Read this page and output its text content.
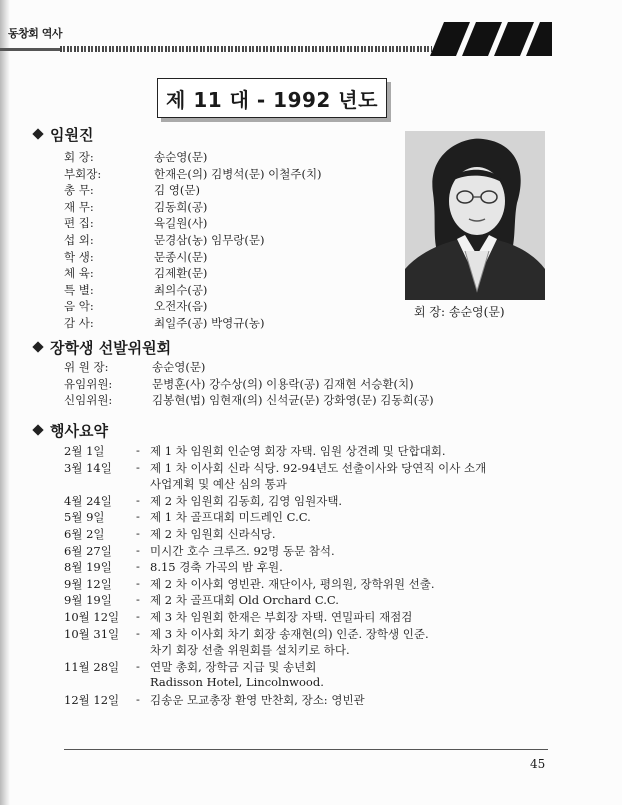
동창회 역사
제 11 대 - 1992 년도
임원진
회 장:	송순영(문)
부회장:	한재은(의) 김병석(문) 이철주(치)
총 무:	김 영(문)
재 무:	김동희(공)
편 집:	육길원(사)
섭 외:	문경삼(농) 임무랑(문)
학 생:	문종시(문)
체 육:	김제환(문)
특 별:	최의수(공)
음 악:	오전자(음)
감 사:	최일주(공) 박영규(농)
회 장: 송순영(문)
장학생 선발위원회
위 원 장:	송순영(문)
유임위원:	문병훈(사) 강수상(의) 이용락(공) 김재현 서승환(치)
신임위원:	김봉현(법) 임현재(의) 신석균(문) 강화영(문) 김동희(공)
행사요약
2월 1일	- 제 1 차 임원회 인순영 회장 자택. 임원 상견례 및 단합대회.
3월 14일	- 제 1 차 이사회 신라 식당. 92-94년도 선출이사와 당연직 이사 소개
사업계획 및 예산 심의 통과
4월 24일	- 제 2 차 임원회 김동희, 김영 임원자택.
5월 9일	- 제 1 차 골프대회 미드레인 C.C.
6월 2일	- 제 2 차 임원회 신라식당.
6월 27일	- 미시간 호수 크루즈. 92명 동문 참석.
8월 19일	- 8.15 경축 가곡의 밤 후원.
9월 12일	- 제 2 차 이사회 영빈관. 재단이사, 평의원, 장학위원 선출.
9월 19일	- 제 2 차 골프대회 Old Orchard C.C.
10월 12일	- 제 3 차 임원회 한재은 부회장 자택. 연밀파티 재점검
10월 31일	- 제 3 차 이사회 차기 회장 송재현(의) 인준. 장학생 인준.
차기 회장 선출 위원회를 설치키로 하다.
11월 28일	- 연말 총회, 장학금 지급 및 송년회
Radisson Hotel, Lincolnwood.
12월 12일	- 김송운 모교총장 환영 만찬회, 장소: 영빈관
45
